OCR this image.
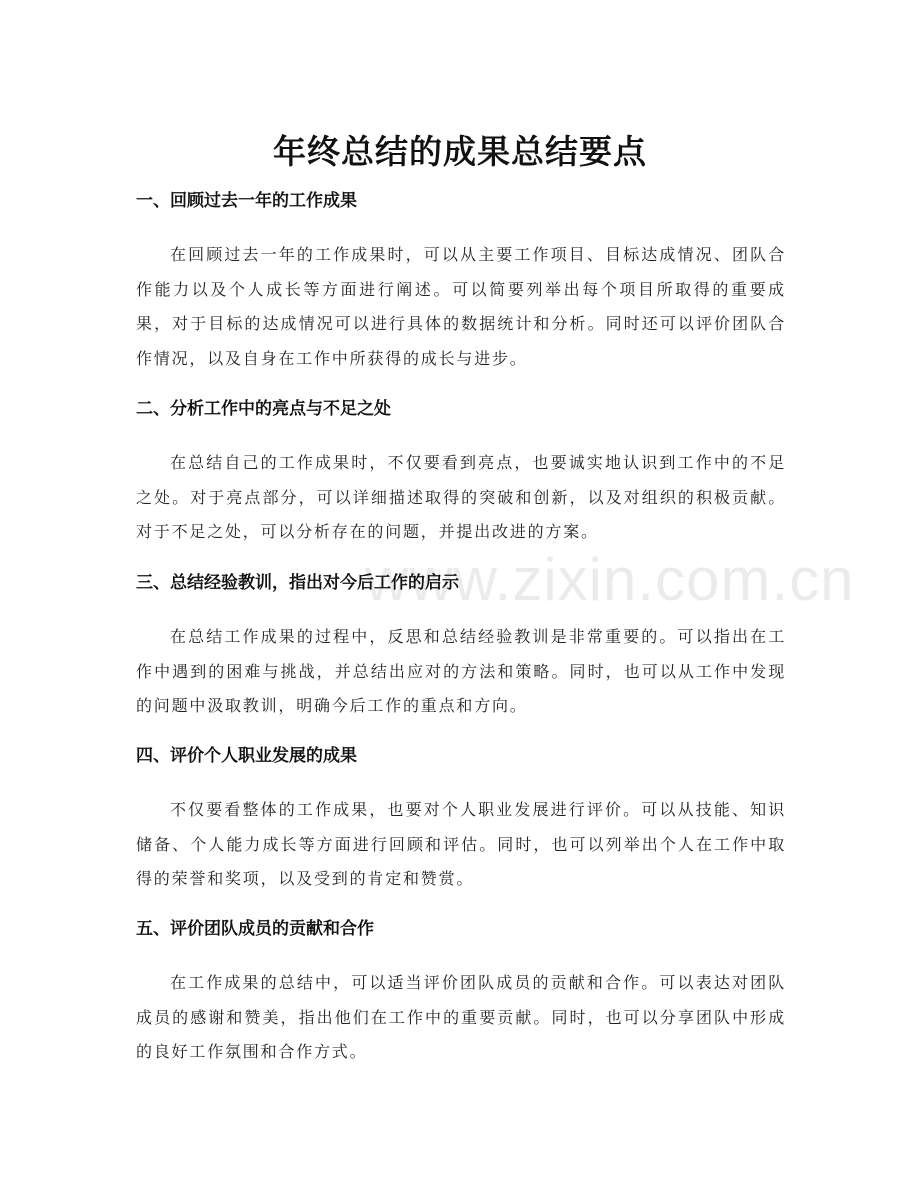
www.zixin.com.cn
年终总结的成果总结要点
一、回顾过去一年的工作成果

在回顾过去一年的工作成果时，可以从主要工作项目、目标达成情况、团队合作能力以及个人成长等方面进行阐述。可以简要列举出每个项目所取得的重要成果，对于目标的达成情况可以进行具体的数据统计和分析。同时还可以评价团队合作情况，以及自身在工作中所获得的成长与进步。

二、分析工作中的亮点与不足之处

在总结自己的工作成果时，不仅要看到亮点，也要诚实地认识到工作中的不足之处。对于亮点部分，可以详细描述取得的突破和创新，以及对组织的积极贡献。对于不足之处，可以分析存在的问题，并提出改进的方案。

三、总结经验教训，指出对今后工作的启示

在总结工作成果的过程中，反思和总结经验教训是非常重要的。可以指出在工作中遇到的困难与挑战，并总结出应对的方法和策略。同时，也可以从工作中发现的问题中汲取教训，明确今后工作的重点和方向。

四、评价个人职业发展的成果

不仅要看整体的工作成果，也要对个人职业发展进行评价。可以从技能、知识储备、个人能力成长等方面进行回顾和评估。同时，也可以列举出个人在工作中取得的荣誉和奖项，以及受到的肯定和赞赏。

五、评价团队成员的贡献和合作

在工作成果的总结中，可以适当评价团队成员的贡献和合作。可以表达对团队成员的感谢和赞美，指出他们在工作中的重要贡献。同时，也可以分享团队中形成的良好工作氛围和合作方式。
